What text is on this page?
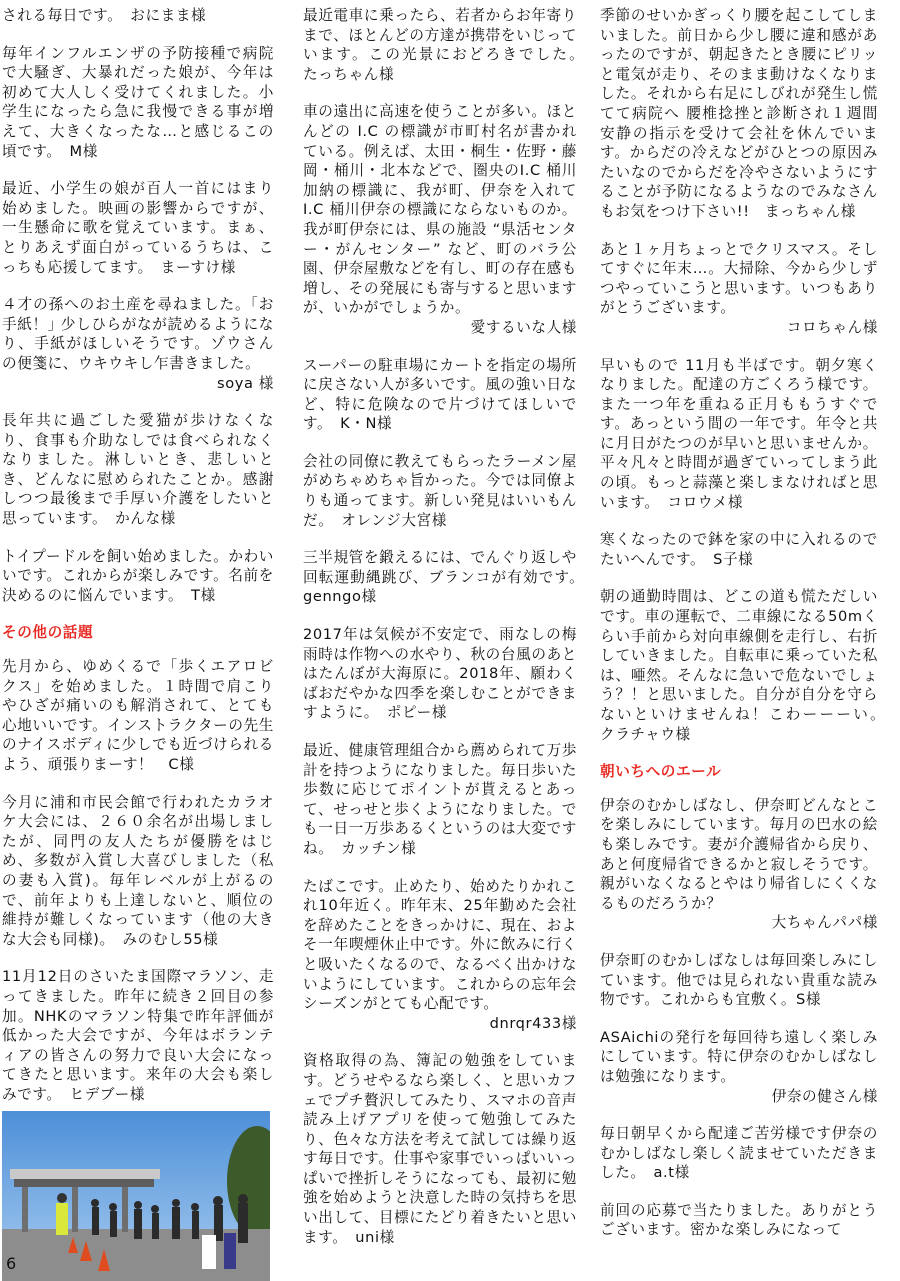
される毎日です。　おにまま様

毎年インフルエンザの予防接種で病院で大騒ぎ、大暴れだった娘が、今年は初めて大人しく受けてくれました。小学生になったら急に我慢できる事が増えて、大きくなったな…と感じるこの頃です。　M様

最近、小学生の娘が百人一首にはまり始めました。映画の影響からですが、一生懸命に歌を覚えています。まぁ、とりあえず面白がっているうちは、こっちも応援してます。　まーすけ様

４才の孫へのお土産を尋ねました。｢お手紙！｣ 少しひらがなが読めるようになり、手紙がほしいそうです。ゾウさんの便箋に、ウキウキし乍書きました。

soya 様

長年共に過ごした愛猫が歩けなくなり、食事も介助なしでは食べられなくなりました。淋しいとき、悲しいとき、どんなに慰められたことか。感謝しつつ最後まで手厚い介護をしたいと思っています。　かんな様

トイプードルを飼い始めました。かわいいです。これからが楽しみです。名前を決めるのに悩んでいます。　T様

その他の話題

先月から、ゆめくるで「歩くエアロビクス」を始めました。１時間で肩こりやひざが痛いのも解消されて、とても心地いいです。インストラクターの先生のナイスボディに少しでも近づけられるよう、頑張りまーす！　C様

今月に浦和市民会館で行われたカラオケ大会には、２６０余名が出場しましたが、同門の友人たちが優勝をはじめ、多数が入賞し大喜びしました（私の妻も入賞)。毎年レベルが上がるので、前年よりも上達しないと、順位の維持が難しくなっています（他の大きな大会も同様)。　みのむし55様

11月12日のさいたま国際マラソン、走ってきました。昨年に続き２回目の参加。NHKのマラソン特集で昨年評価が低かった大会ですが、今年はボランティアの皆さんの努力で良い大会になってきたと思います。来年の大会も楽しみです。　ヒデブー様

最近電車に乗ったら、若者からお年寄りまで、ほとんどの方達が携帯をいじっています。この光景におどろきでした。　たっちゃん様

車の遠出に高速を使うことが多い。ほとんどの I.C の標識が市町村名が書かれている。例えば、太田・桐生・佐野・藤岡・桶川・北本などで、圏央のI.C 桶川加納の標識に、我が町、伊奈を入れて I.C 桶川伊奈の標識にならないものか。我が町伊奈には、県の施設 “県活センター・がんセンター” など、町のバラ公園、伊奈屋敷などを有し、町の存在感も増し、その発展にも寄与すると思いますが、いかがでしょうか。

愛するいな人様

スーパーの駐車場にカートを指定の場所に戻さない人が多いです。風の強い日など、特に危険なので片づけてほしいです。　K・N様

会社の同僚に教えてもらったラーメン屋がめちゃめちゃ旨かった。今では同僚よりも通ってます。新しい発見はいいもんだ。　オレンジ大宮様

三半規管を鍛えるには、でんぐり返しや回転運動縄跳び、ブランコが有効です。　genngo様

2017年は気候が不安定で、雨なしの梅雨時は作物への水やり、秋の台風のあとはたんぼが大海原に。2018年、願わくばおだやかな四季を楽しむことができますように。　ポピー様

最近、健康管理組合から薦められて万歩計を持つようになりました。毎日歩いた歩数に応じてポイントが貰えるとあって、せっせと歩くようになりました。でも一日一万歩あるくというのは大変ですね。　カッチン様

たばこです。止めたり、始めたりかれこれ10年近く。昨年末、25年勤めた会社を辞めたことをきっかけに、現在、およそ一年喫煙休止中です。外に飲みに行くと吸いたくなるので、なるべく出かけないようにしています。これからの忘年会シーズンがとても心配です。

dnrqr433様

資格取得の為、簿記の勉強をしています。どうせやるなら楽しく、と思いカフェでプチ贅沢してみたり、スマホの音声読み上げアプリを使って勉強してみたり、色々な方法を考えて試しては繰り返す毎日です。仕事や家事でいっぱいいっぱいで挫折しそうになっても、最初に勉強を始めようと決意した時の気持ちを思い出して、目標にたどり着きたいと思います。　uni様

季節のせいかぎっくり腰を起こしてしまいました。前日から少し腰に違和感があったのですが、朝起きたとき腰にピリッと電気が走り、そのまま動けなくなりました。それから右足にしびれが発生し慌てて病院へ 腰椎捻挫と診断され１週間安静の指示を受けて会社を休んでいます。からだの冷えなどがひとつの原因みたいなのでからだを冷やさないようにすることが予防になるようなのでみなさんもお気をつけ下さい!!　まっちゃん様

あと１ヶ月ちょっとでクリスマス。そしてすぐに年末…。大掃除、今から少しずつやっていこうと思います。いつもありがとうございます。

コロちゃん様

早いもので 11月も半ばです。朝夕寒くなりました。配達の方ごくろう様です。また一つ年を重ねる正月ももうすぐです。あっという間の一年です。年令と共に月日がたつのが早いと思いませんか。平々凡々と時間が過ぎていってしまう此の頃。もっと蒜藻と楽しまなければと思います。　コロウメ様

寒くなったので鉢を家の中に入れるのでたいへんです。　S子様

朝の通勤時間は、どこの道も慌ただしいです。車の運転で、二車線になる50mくらい手前から対向車線側を走行し、右折していきました。自転車に乗っていた私は、唖然。そんなに急いで危ないでしょう？！と思いました。自分が自分を守らないといけませんね！こわーーーい。　クラチャウ様

朝いちへのエール

伊奈のむかしばなし、伊奈町どんなとこを楽しみにしています。毎月の巴水の絵も楽しみです。妻が介護帰省から戻り、あと何度帰省できるかと寂しそうです。親がいなくなるとやはり帰省しにくくなるものだろうか？

大ちゃんパパ様

伊奈町のむかしばなしは毎回楽しみにしています。他では見られない貴重な読み物です。これからも宜敷く。S様

ASAichiの発行を毎回待ち遠しく楽しみにしています。特に伊奈のむかしばなしは勉強になります。

伊奈の健さん様

毎日朝早くから配達ご苦労様です伊奈のむかしばなし楽しく読ませていただきました。　a.t様

前回の応募で当たりました。ありがとうございます。密かな楽しみになって

6
